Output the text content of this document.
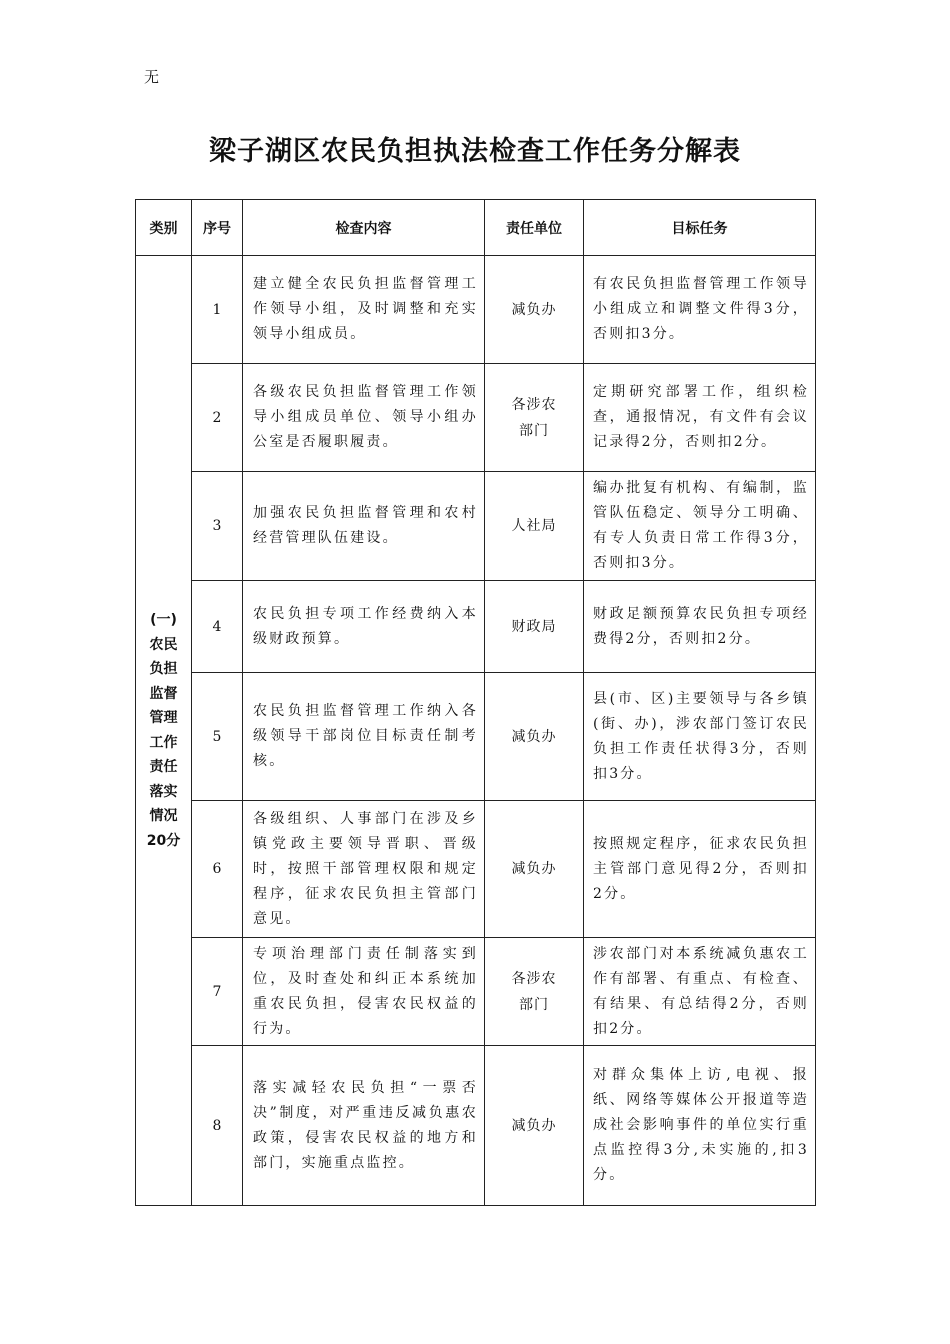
无
梁子湖区农民负担执法检查工作任务分解表
类别	序号	检查内容	责任单位	目标任务
(一)农民负担监督管理工作责任落实情况20分	1	建立健全农民负担监督管理工作领导小组，及时调整和充实领导小组成员。	减负办	有农民负担监督管理工作领导小组成立和调整文件得3分，否则扣3分。
	2	各级农民负担监督管理工作领导小组成员单位、领导小组办公室是否履职履责。	各涉农部门	定期研究部署工作，组织检查，通报情况，有文件有会议记录得2分，否则扣2分。
	3	加强农民负担监督管理和农村经营管理队伍建设。	人社局	编办批复有机构、有编制，监管队伍稳定、领导分工明确、有专人负责日常工作得3分，否则扣3分。
	4	农民负担专项工作经费纳入本级财政预算。	财政局	财政足额预算农民负担专项经费得2分，否则扣2分。
	5	农民负担监督管理工作纳入各级领导干部岗位目标责任制考核。	减负办	县(市、区)主要领导与各乡镇(街、办)，涉农部门签订农民负担工作责任状得3分，否则扣3分。
	6	各级组织、人事部门在涉及乡镇党政主要领导晋职、晋级时，按照干部管理权限和规定程序，征求农民负担主管部门意见。	减负办	按照规定程序，征求农民负担主管部门意见得2分，否则扣2分。
	7	专项治理部门责任制落实到位，及时查处和纠正本系统加重农民负担，侵害农民权益的行为。	各涉农部门	涉农部门对本系统减负惠农工作有部署、有重点、有检查、有结果、有总结得2分，否则扣2分。
	8	落实减轻农民负担“一票否决”制度，对严重违反减负惠农政策，侵害农民权益的地方和部门，实施重点监控。	减负办	对群众集体上访,电视、报纸、网络等媒体公开报道等造成社会影响事件的单位实行重点监控得3分,未实施的,扣3分。
